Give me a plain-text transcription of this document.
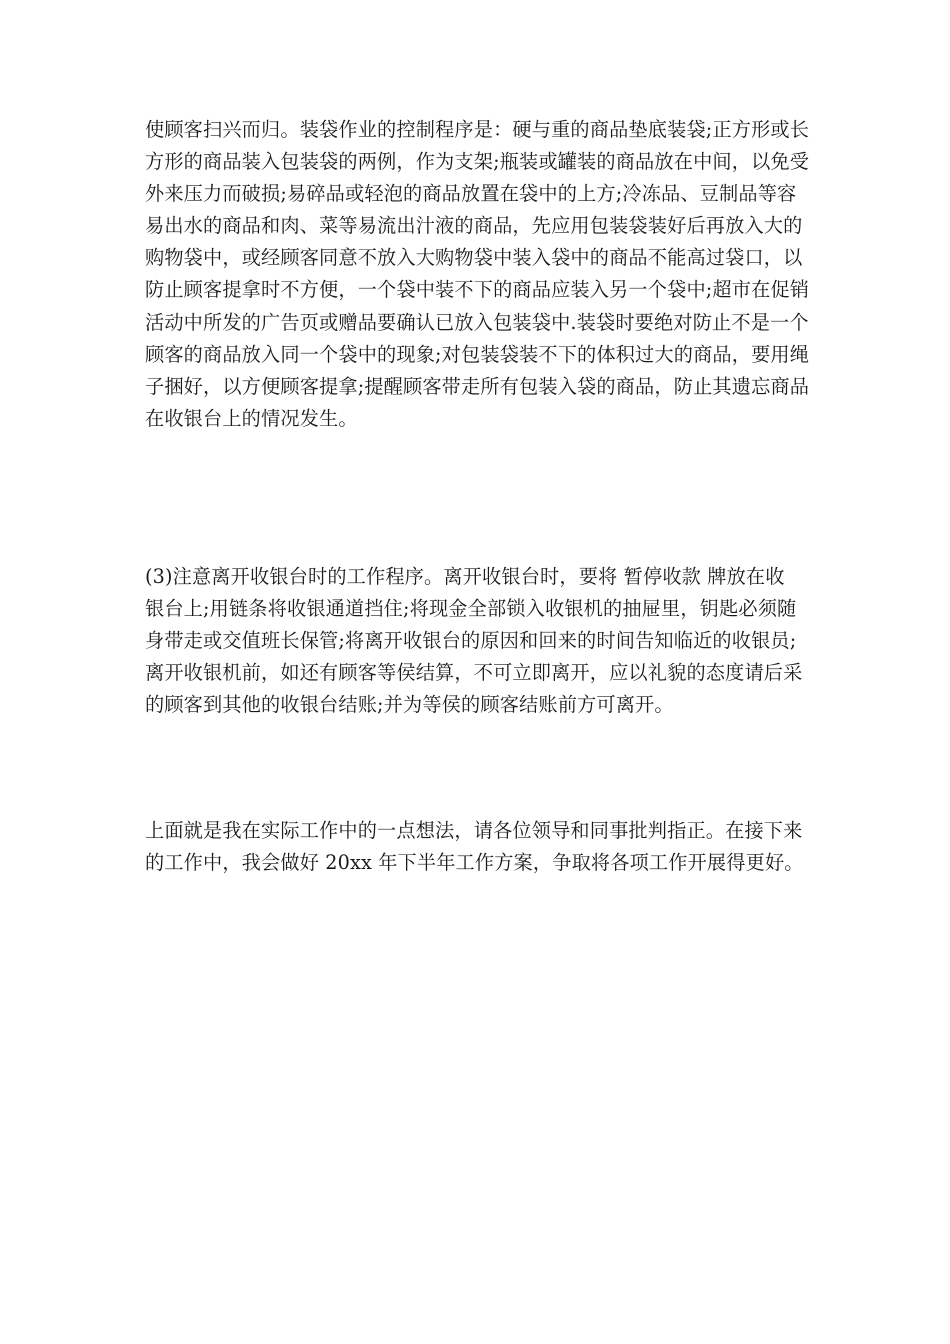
使顾客扫兴而归。装袋作业的控制程序是：硬与重的商品垫底装袋;正方形或长
方形的商品装入包装袋的两例，作为支架;瓶装或罐装的商品放在中间，以免受
外来压力而破损;易碎品或轻泡的商品放置在袋中的上方;冷冻品、豆制品等容
易出水的商品和肉、菜等易流出汁液的商品，先应用包装袋装好后再放入大的
购物袋中，或经顾客同意不放入大购物袋中装入袋中的商品不能高过袋口，以
防止顾客提拿时不方便，一个袋中装不下的商品应装入另一个袋中;超市在促销
活动中所发的广告页或赠品要确认已放入包装袋中.装袋时要绝对防止不是一个
顾客的商品放入同一个袋中的现象;对包装袋装不下的体积过大的商品，要用绳
子捆好，以方便顾客提拿;提醒顾客带走所有包装入袋的商品，防止其遗忘商品
在收银台上的情况发生。

(3)注意离开收银台时的工作程序。离开收银台时，要将 暂停收款 牌放在收
银台上;用链条将收银通道挡住;将现金全部锁入收银机的抽屉里，钥匙必须随
身带走或交值班长保管;将离开收银台的原因和回来的时间告知临近的收银员;
离开收银机前，如还有顾客等侯结算，不可立即离开，应以礼貌的态度请后采
的顾客到其他的收银台结账;并为等侯的顾客结账前方可离开。

上面就是我在实际工作中的一点想法，请各位领导和同事批判指正。在接下来
的工作中，我会做好 20xx 年下半年工作方案，争取将各项工作开展得更好。
